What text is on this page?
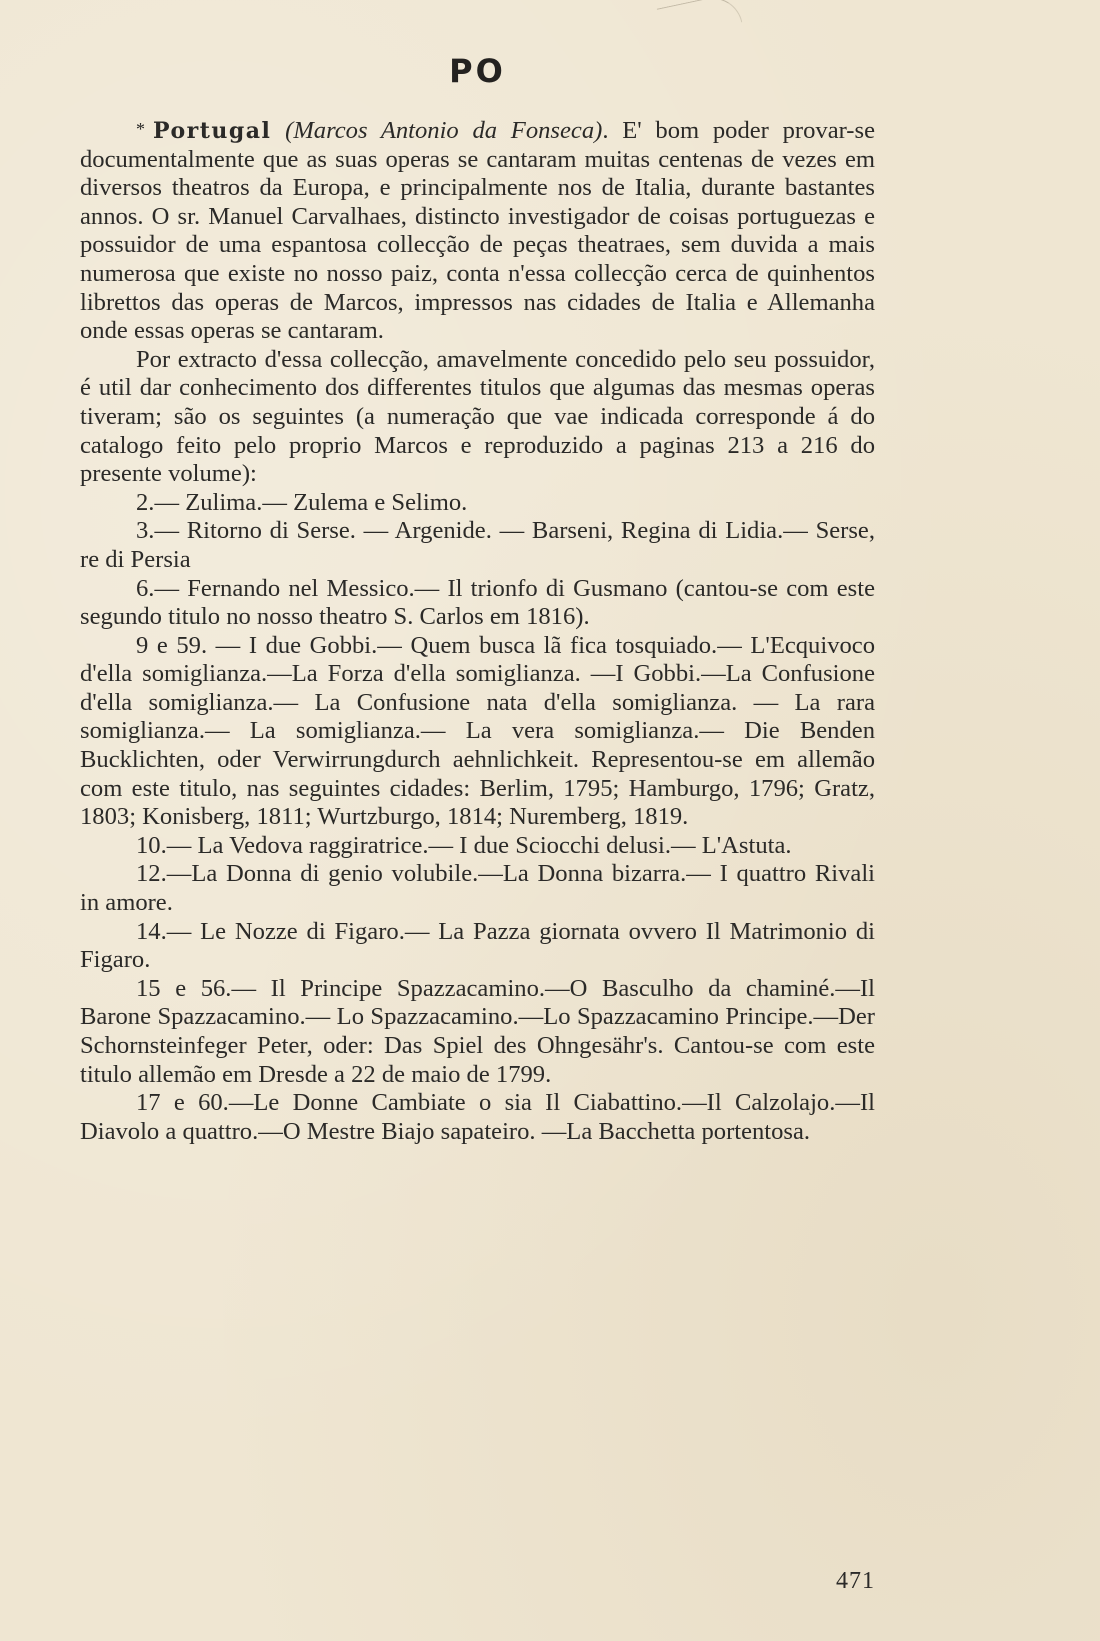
PO

* Portugal (Marcos Antonio da Fonseca). E' bom poder provar-se documentalmente que as suas operas se cantaram muitas centenas de vezes em diversos theatros da Europa, e principalmente nos de Italia, durante bastantes annos. O sr. Manuel Carvalhaes, distincto investigador de coisas portuguezas e possuidor de uma espantosa collecção de peças theatraes, sem duvida a mais numerosa que existe no nosso paiz, conta n'essa collecção cerca de quinhentos librettos das operas de Marcos, impressos nas cidades de Italia e Allemanha onde essas operas se cantaram.

Por extracto d'essa collecção, amavelmente concedido pelo seu possuidor, é util dar conhecimento dos differentes titulos que algumas das mesmas operas tiveram; são os seguintes (a numeração que vae indicada corresponde á do catalogo feito pelo proprio Marcos e reproduzido a paginas 213 a 216 do presente volume):

2.— Zulima.— Zulema e Selimo.

3.— Ritorno di Serse. — Argenide. — Barseni, Regina di Lidia.— Serse, re di Persia

6.— Fernando nel Messico.— Il trionfo di Gusmano (cantou-se com este segundo titulo no nosso theatro S. Carlos em 1816).

9 e 59. — I due Gobbi.— Quem busca lã fica tosquiado.— L'Ecquivoco d'ella somiglianza.—La Forza d'ella somiglianza. —I Gobbi.—La Confusione d'ella somiglianza.— La Confusione nata d'ella somiglianza. — La rara somiglianza.— La somiglianza.— La vera somiglianza.— Die Benden Bucklichten, oder Verwirrungdurch aehnlichkeit. Representou-se em allemão com este titulo, nas seguintes cidades: Berlim, 1795; Hamburgo, 1796; Gratz, 1803; Konisberg, 1811; Wurtzburgo, 1814; Nuremberg, 1819.

10.— La Vedova raggiratrice.— I due Sciocchi delusi.— L'Astuta.

12.—La Donna di genio volubile.—La Donna bizarra.— I quattro Rivali in amore.

14.— Le Nozze di Figaro.— La Pazza giornata ovvero Il Matrimonio di Figaro.

15 e 56.— Il Principe Spazzacamino.—O Basculho da chaminé.—Il Barone Spazzacamino.— Lo Spazzacamino.—Lo Spazzacamino Principe.—Der Schornsteinfeger Peter, oder: Das Spiel des Ohngesähr's. Cantou-se com este titulo allemão em Dresde a 22 de maio de 1799.

17 e 60.—Le Donne Cambiate o sia Il Ciabattino.—Il Calzolajo.—Il Diavolo a quattro.—O Mestre Biajo sapateiro. —La Bacchetta portentosa.

471
